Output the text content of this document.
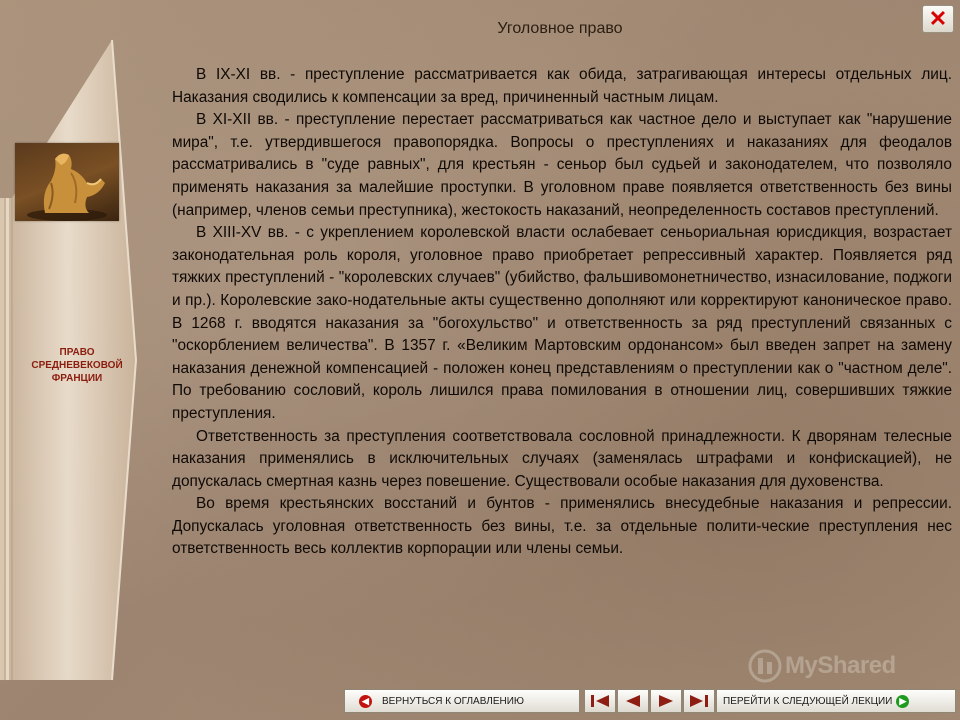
ПРАВО
СРЕДНЕВЕКОВОЙ
ФРАНЦИИ
Уголовное право	✕

В IX-XI вв. - преступление рассматривается как обида, затрагивающая интересы отдельных лиц. Наказания сводились к компенсации за вред, причиненный частным лицам.

В XI-XII вв. - преступление перестает рассматриваться как частное дело и выступает как "нарушение мира", т.е. утвердившегося правопорядка. Вопросы о преступлениях и наказаниях для феодалов рассматривались в "суде равных", для крестьян - сеньор был судьей и законодателем, что позволяло применять наказания за малейшие проступки. В уголовном праве появляется ответственность без вины (например, членов семьи преступника), жестокость наказаний, неопределенность составов преступлений.

В XIII-XV вв. - с укреплением королевской власти ослабевает сеньориальная юрисдикция, возрастает законодательная роль короля, уголовное право приобретает репрессивный характер. Появляется ряд тяжких преступлений - "королевских случаев" (убийство, фальшивомонетничество, изнасилование, поджоги и пр.). Королевские зако-нодательные акты существенно дополняют или корректируют каноническое право. В 1268 г. вводятся наказания за "богохульство" и ответственность за ряд преступлений связанных с "оскорблением величества". В 1357 г. «Великим Мартовским ордонансом» был введен запрет на замену наказания денежной компенсацией - положен конец представлениям о преступлении как о "частном деле". По требованию сословий, король лишился права помилования в отношении лиц, совершивших тяжкие преступления.

Ответственность за преступления соответствовала сословной принадлежности. К дворянам телесные наказания применялись в исключительных случаях (заменялась штрафами и конфискацией), не допускалась смертная казнь через повешение. Существовали особые наказания для духовенства.

Во время крестьянских восстаний и бунтов - применялись внесудебные наказания и репрессии. Допускалась уголовная ответственность без вины, т.е. за отдельные полити-ческие преступления нес ответственность весь коллектив корпорации или члены семьи.

MyShared
◀	ВЕРНУТЬСЯ К ОГЛАВЛЕНИЮ	ПЕРЕЙТИ К СЛЕДУЮЩЕЙ ЛЕКЦИИ ▶
